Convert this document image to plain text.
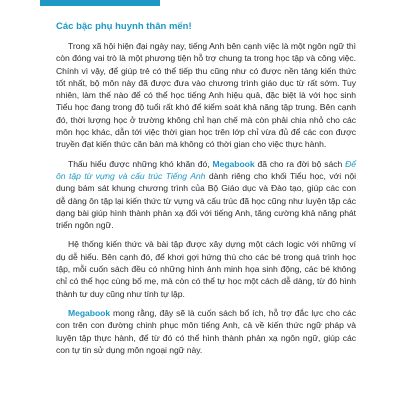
Các bậc phụ huynh thân mến!

Trong xã hội hiện đại ngày nay, tiếng Anh bên cạnh việc là một ngôn ngữ thì còn đóng vai trò là một phương tiện hỗ trợ chung ta trong học tập và công việc. Chính vì vậy, để giúp trẻ có thể tiếp thu cũng như có được nền tảng kiến thức tốt nhất, bộ môn này đã được đưa vào chương trình giáo dục từ rất sớm. Tuy nhiên, làm thế nào để có thể học tiếng Anh hiệu quả, đặc biệt là với học sinh Tiểu học đang trong độ tuổi rất khó để kiểm soát khả năng tập trung. Bên cạnh đó, thời lượng học ở trường không chỉ hạn chế mà còn phải chia nhỏ cho các môn học khác, dẫn tới việc thời gian học trên lớp chỉ vừa đủ để các con được truyền đạt kiến thức căn bản mà không có thời gian cho việc thực hành.

Thấu hiểu được những khó khăn đó, Megabook đã cho ra đời bộ sách Để ôn tập từ vựng và cấu trúc Tiếng Anh dành riêng cho khối Tiểu học, với nội dung bám sát khung chương trình của Bộ Giáo dục và Đào tạo, giúp các con dễ dàng ôn tập lại kiến thức từ vựng và cấu trúc đã học cũng như luyện tập các dạng bài giúp hình thành phản xạ đối với tiếng Anh, tăng cường khả năng phát triển ngôn ngữ.

Hệ thống kiến thức và bài tập được xây dựng một cách logic với những ví dụ dễ hiểu. Bên cạnh đó, để khơi gợi hứng thú cho các bé trong quá trình học tập, mỗi cuốn sách đều có những hình ảnh minh họa sinh động, các bé không chỉ có thể học cùng bố mẹ, mà còn có thể tự học một cách dễ dàng, từ đó hình thành tư duy cũng như tính tự lập.

Megabook mong rằng, đây sẽ là cuốn sách bổ ích, hỗ trợ đắc lực cho các con trên con đường chinh phục môn tiếng Anh, cả về kiến thức ngữ pháp và luyện tập thực hành, để từ đó có thể hình thành phản xạ ngôn ngữ, giúp các con tự tin sử dụng môn ngoại ngữ này.
